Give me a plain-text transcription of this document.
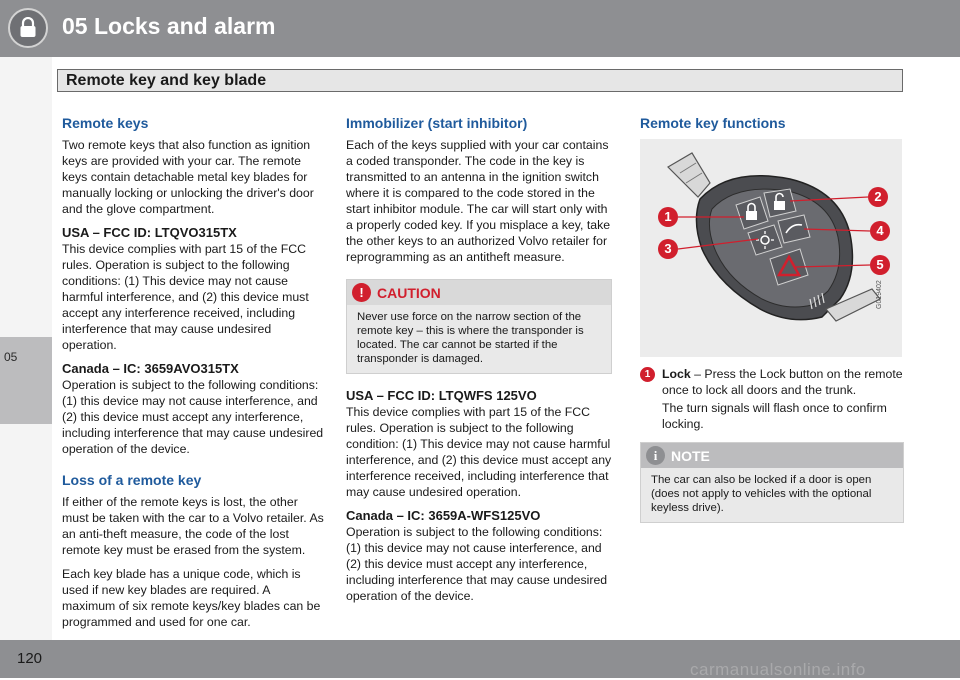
05 Locks and alarm
Remote key and key blade
05
Remote keys

Two remote keys that also function as ignition keys are provided with your car. The remote keys contain detachable metal key blades for manually locking or unlocking the driver's door and the glove compartment.

USA – FCC ID: LTQVO315TX

This device complies with part 15 of the FCC rules. Operation is subject to the following conditions: (1) This device may not cause harmful interference, and (2) this device must accept any interference received, including interference that may cause undesired operation.

Canada – IC: 3659AVO315TX

Operation is subject to the following conditions: (1) this device may not cause interference, and (2) this device must accept any interference, including interference that may cause undesired operation of the device.

Loss of a remote key

If either of the remote keys is lost, the other must be taken with the car to a Volvo retailer. As an anti-theft measure, the code of the lost remote key must be erased from the system.

Each key blade has a unique code, which is used if new key blades are required. A maximum of six remote keys/key blades can be programmed and used for one car.

Immobilizer (start inhibitor)

Each of the keys supplied with your car contains a coded transponder. The code in the key is transmitted to an antenna in the ignition switch where it is compared to the code stored in the start inhibitor module. The car will start only with a properly coded key. If you misplace a key, take the other keys to an authorized Volvo retailer for reprogramming as an antitheft measure.

! CAUTION
Never use force on the narrow section of the remote key – this is where the transponder is located. The car cannot be started if the transponder is damaged.
USA – FCC ID: LTQWFS 125VO

This device complies with part 15 of the FCC rules. Operation is subject to the following condition: (1) This device may not cause harmful interference, and (2) this device must accept any interference received, including interference that may cause undesired operation.

Canada – IC: 3659A-WFS125VO

Operation is subject to the following conditions: (1) this device may not cause interference, and (2) this device must accept any interference, including interference that may cause undesired operation of the device.

Remote key functions
1
3
2
4
5
G019402
1 Lock – Press the Lock button on the remote once to lock all doors and the trunk.
The turn signals will flash once to confirm locking.
i NOTE
The car can also be locked if a door is open (does not apply to vehicles with the optional keyless drive).
120
carmanualsonline.info
